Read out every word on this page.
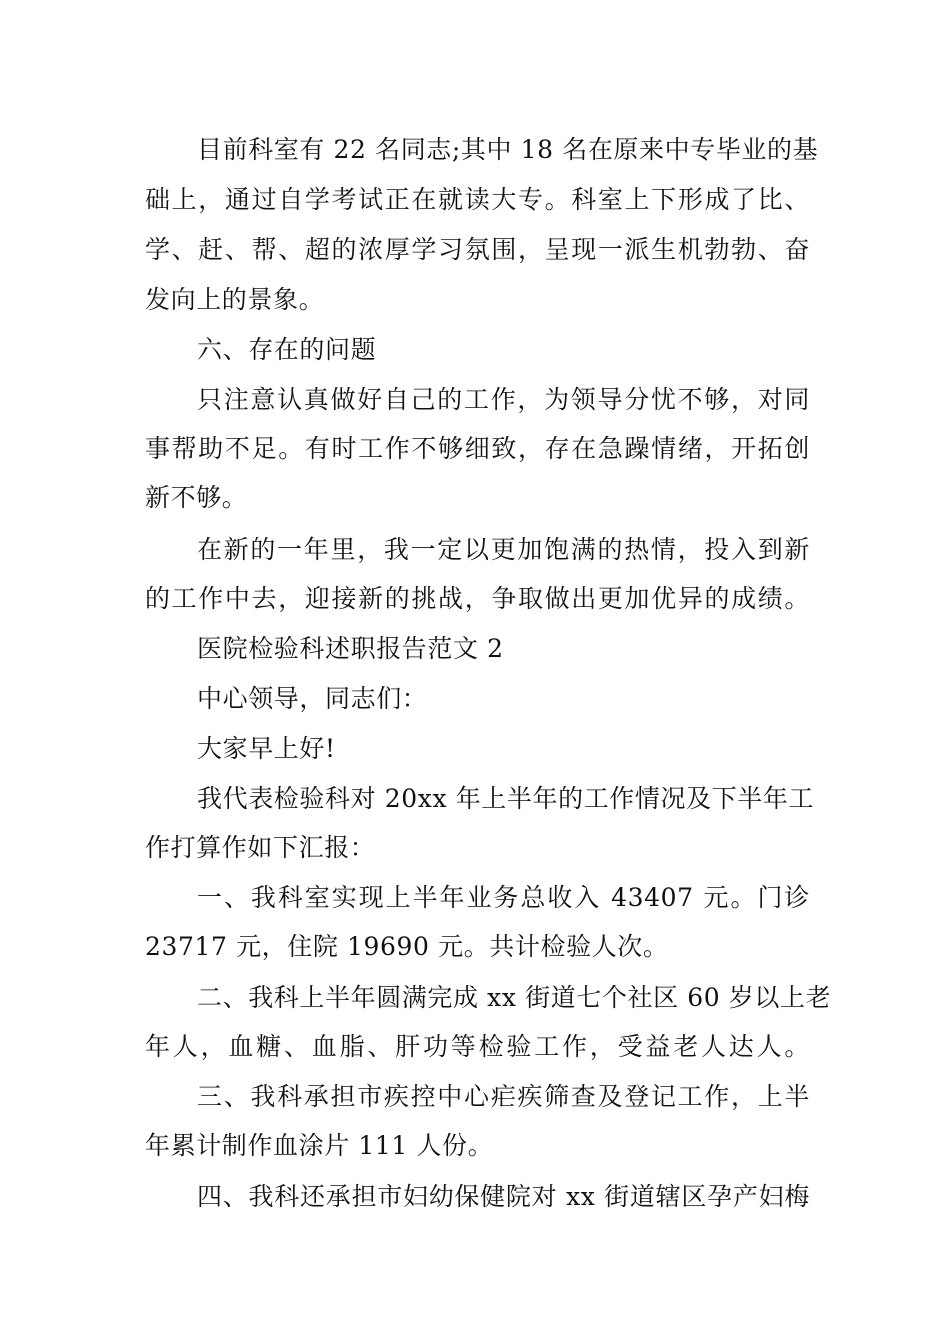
目前科室有 22 名同志;其中 18 名在原来中专毕业的基
础上，通过自学考试正在就读大专。科室上下形成了比、
学、赶、帮、超的浓厚学习氛围，呈现一派生机勃勃、奋
发向上的景象。
六、存在的问题
只注意认真做好自己的工作，为领导分忧不够，对同
事帮助不足。有时工作不够细致，存在急躁情绪，开拓创
新不够。
在新的一年里，我一定以更加饱满的热情，投入到新
的工作中去，迎接新的挑战，争取做出更加优异的成绩。
医院检验科述职报告范文 2
中心领导，同志们：
大家早上好!
我代表检验科对 20xx 年上半年的工作情况及下半年工
作打算作如下汇报：
一、我科室实现上半年业务总收入 43407 元。门诊
23717 元，住院 19690 元。共计检验人次。
二、我科上半年圆满完成 xx 街道七个社区 60 岁以上老
年人，血糖、血脂、肝功等检验工作，受益老人达人。
三、我科承担市疾控中心疟疾筛查及登记工作，上半
年累计制作血涂片 111 人份。
四、我科还承担市妇幼保健院对 xx 街道辖区孕产妇梅
